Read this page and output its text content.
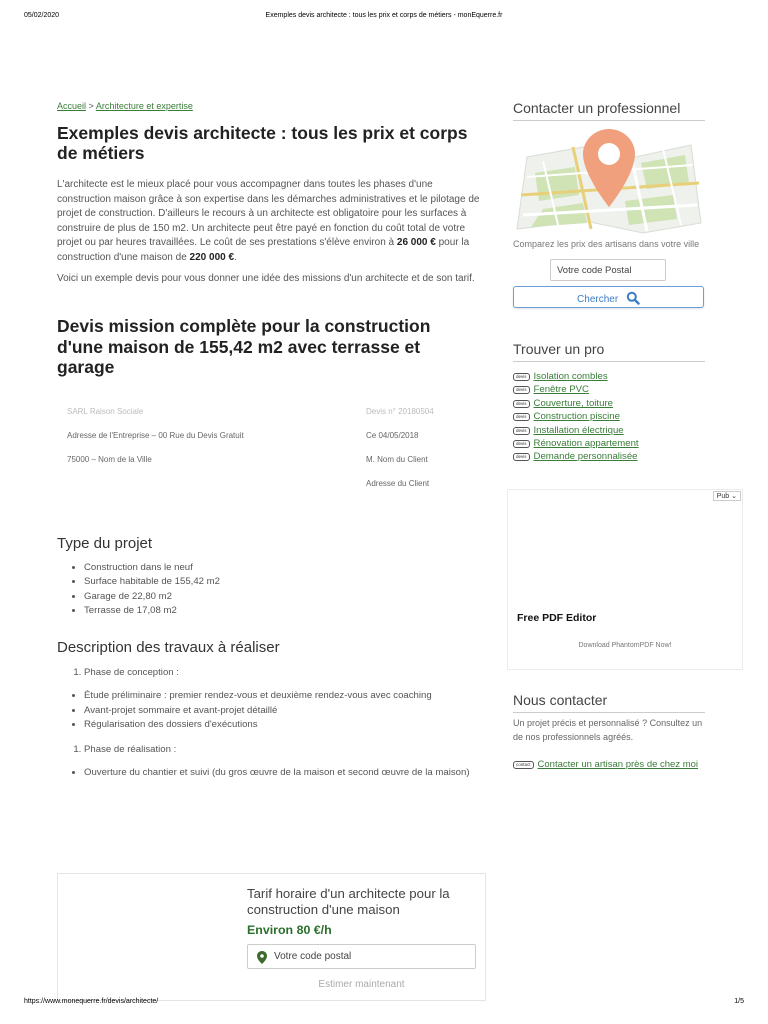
05/02/2020	Exemples devis architecte : tous les prix et corps de métiers - monEquerre.fr
Accueil > Architecture et expertise
Exemples devis architecte : tous les prix et corps de métiers

L'architecte est le mieux placé pour vous accompagner dans toutes les phases d'une construction maison grâce à son expertise dans les démarches administratives et le pilotage de projet de construction. D'ailleurs le recours à un architecte est obligatoire pour les surfaces à construire de plus de 150 m2. Un architecte peut être payé en fonction du coût total de votre projet ou par heures travaillées. Le coût de ses prestations s'élève environ à 26 000 € pour la construction d'une maison de 220 000 €.

Voici un exemple devis pour vous donner une idée des missions d'un architecte et de son tarif.

Devis mission complète pour la construction d'une maison de 155,42 m2 avec terrasse et garage

SARL Raison Sociale

Adresse de l'Entreprise – 00 Rue du Devis Gratuit

75000 – Nom de la Ville

Devis n° 20180504

Ce 04/05/2018

M. Nom du Client

Adresse du Client

Type du projet
• Construction dans le neuf
• Surface habitable de 155,42 m2
• Garage de 22,80 m2
• Terrasse de 17,08 m2
Description des travaux à réaliser
1. Phase de conception :
• Étude préliminaire : premier rendez-vous et deuxième rendez-vous avec coaching
• Avant-projet sommaire et avant-projet détaillé
• Régularisation des dossiers d'exécutions
1. Phase de réalisation :
• Ouverture du chantier et suivi (du gros œuvre de la maison et second œuvre de la maison)
Tarif horaire d'un architecte pour la construction d'une maison
Environ 80 €/h
Votre code postal
Estimer maintenant
Contacter un professionnel

Comparez les prix des artisans dans votre ville

Votre code Postal
Chercher
Trouver un pro
devis Isolation combles
devis Fenêtre PVC
devis Couverture, toiture
devis Construction piscine
devis Installation électrique
devis Rénovation appartement
devis Demande personnalisée
Pub ⌄
Free PDF Editor
Download PhantomPDF Now!
Nous contacter

Un projet précis et personnalisé ? Consultez un de nos professionnels agréés.

contact Contacter un artisan près de chez moi
https://www.monequerre.fr/devis/architecte/	1/5
